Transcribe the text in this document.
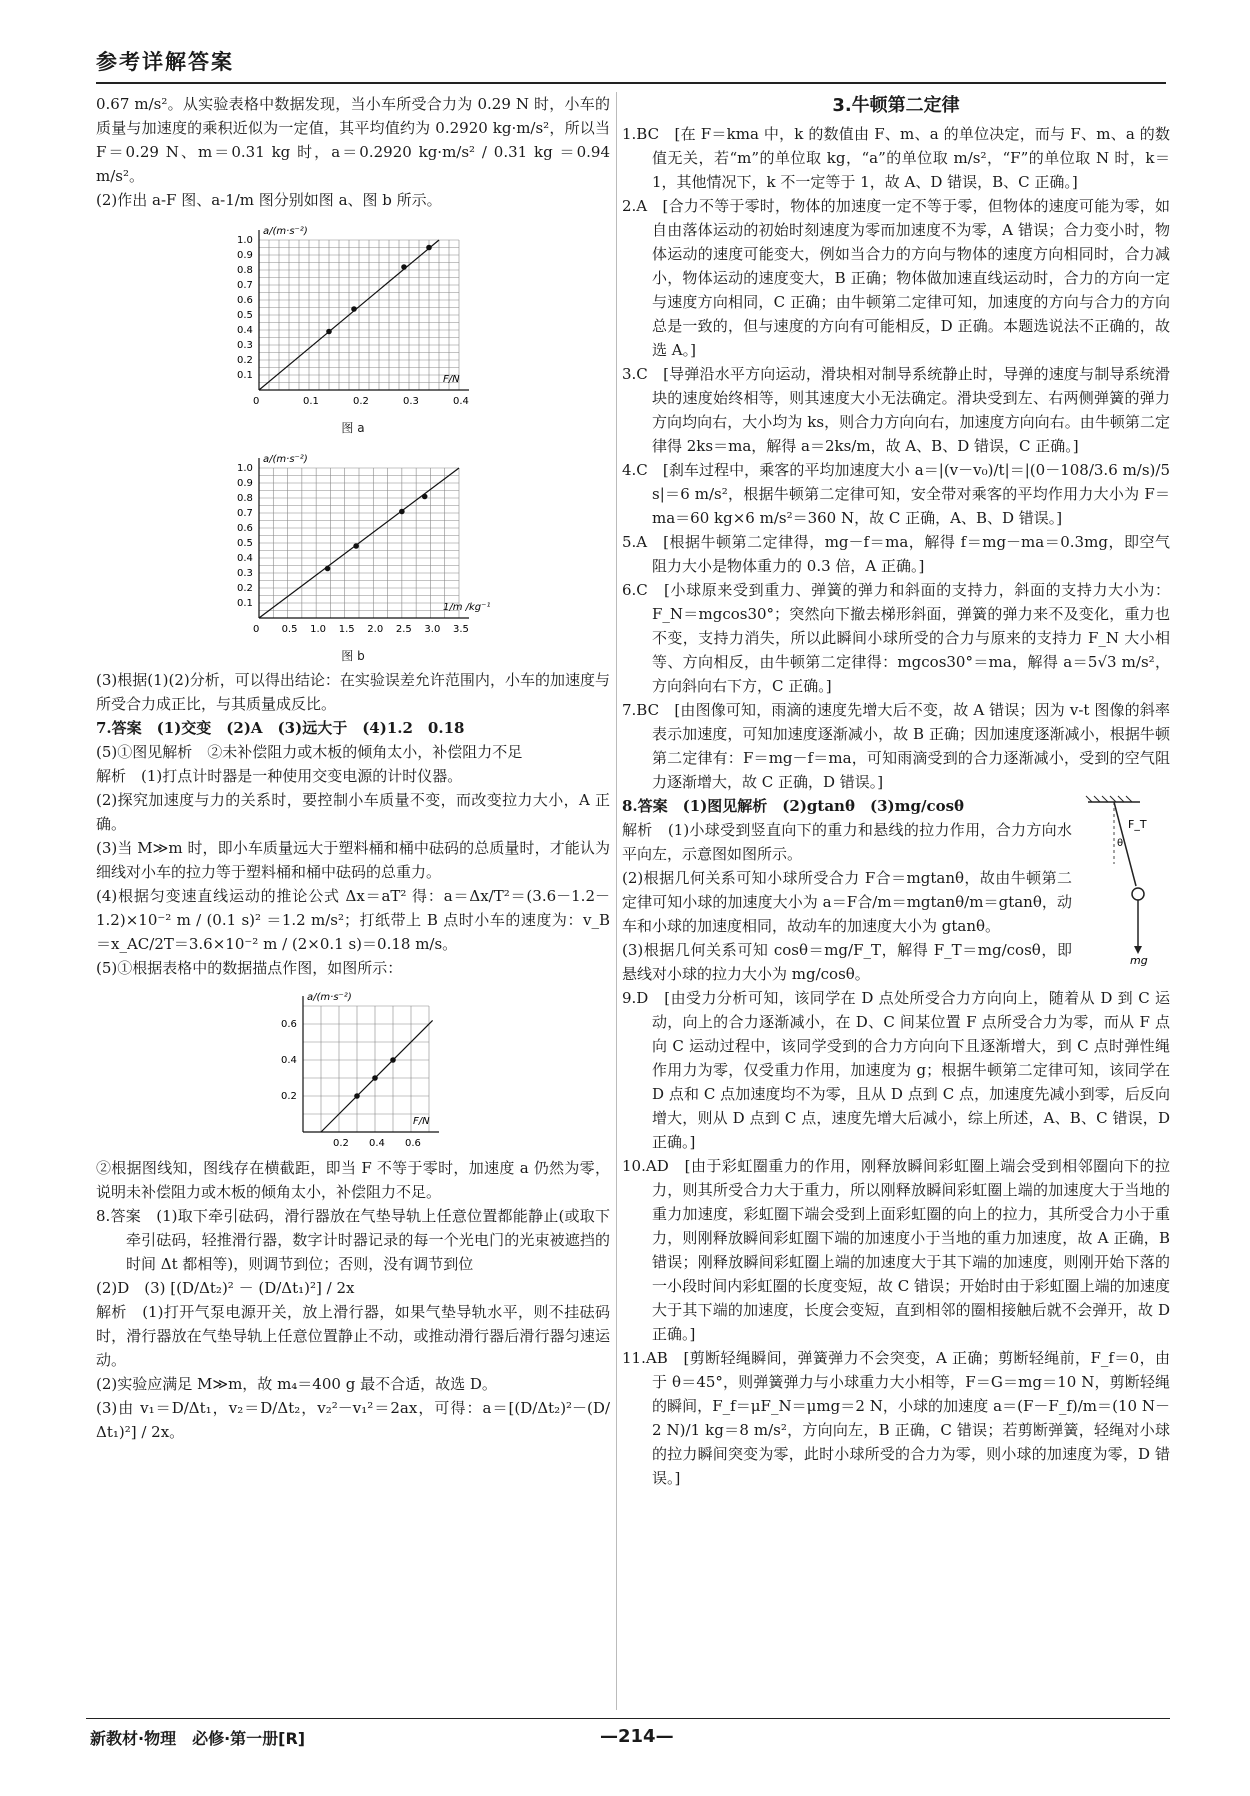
参考详解答案

0.67 m/s²。从实验表格中数据发现，当小车所受合力为 0.29 N 时，小车的质量与加速度的乘积近似为一定值，其平均值约为 0.2920 kg·m/s²，所以当 F＝0.29 N、m＝0.31 kg 时，a＝0.2920 kg·m/s² / 0.31 kg ＝0.94 m/s²。

(2)作出 a-F 图、a-1/m 图分别如图 a、图 b 所示。

0	0.1	0.2	0.3	0.4
0.1
0.2
0.3
0.4
0.5
0.6
0.7
0.8
0.9
1.0
a/(m·s⁻²)
F/N
图 a
0 0.5 1.0 1.5 2.0 2.5 3.0 3.5
0.1
0.2
0.3
0.4
0.5
0.6
0.7
0.8
0.9
1.0
a/(m·s⁻²)
1/m /kg⁻¹
图 b

(3)根据(1)(2)分析，可以得出结论：在实验误差允许范围内，小车的加速度与所受合力成正比，与其质量成反比。

7.答案　(1)交变　(2)A　(3)远大于　(4)1.2　0.18

(5)①图见解析　②未补偿阻力或木板的倾角太小，补偿阻力不足

解析　(1)打点计时器是一种使用交变电源的计时仪器。

(2)探究加速度与力的关系时，要控制小车质量不变，而改变拉力大小，A 正确。

(3)当 M≫m 时，即小车质量远大于塑料桶和桶中砝码的总质量时，才能认为细线对小车的拉力等于塑料桶和桶中砝码的总重力。

(4)根据匀变速直线运动的推论公式 Δx＝aT² 得：a＝Δx/T²＝(3.6－1.2－1.2)×10⁻² m / (0.1 s)² ＝1.2 m/s²；打纸带上 B 点时小车的速度为：v_B＝x_AC/2T＝3.6×10⁻² m / (2×0.1 s)＝0.18 m/s。

(5)①根据表格中的数据描点作图，如图所示：

0.2 0.4 0.6
0.2
0.4
0.6
a/(m·s⁻²)
F/N

②根据图线知，图线存在横截距，即当 F 不等于零时，加速度 a 仍然为零，说明未补偿阻力或木板的倾角太小，补偿阻力不足。

8.答案　(1)取下牵引砝码，滑行器放在气垫导轨上任意位置都能静止(或取下牵引砝码，轻推滑行器，数字计时器记录的每一个光电门的光束被遮挡的时间 Δt 都相等)，则调节到位；否则，没有调节到位

(2)D　(3) [(D/Δt₂)² － (D/Δt₁)²] / 2x

解析　(1)打开气泵电源开关，放上滑行器，如果气垫导轨水平，则不挂砝码时，滑行器放在气垫导轨上任意位置静止不动，或推动滑行器后滑行器匀速运动。

(2)实验应满足 M≫m，故 m₄＝400 g 最不合适，故选 D。

(3)由 v₁＝D/Δt₁，v₂＝D/Δt₂，v₂²－v₁²＝2ax，可得：a＝[(D/Δt₂)²－(D/Δt₁)²] / 2x。

3.牛顿第二定律

1.BC　[在 F＝kma 中，k 的数值由 F、m、a 的单位决定，而与 F、m、a 的数值无关，若“m”的单位取 kg，“a”的单位取 m/s²，“F”的单位取 N 时，k＝1，其他情况下，k 不一定等于 1，故 A、D 错误，B、C 正确。]

2.A　[合力不等于零时，物体的加速度一定不等于零，但物体的速度可能为零，如自由落体运动的初始时刻速度为零而加速度不为零，A 错误；合力变小时，物体运动的速度可能变大，例如当合力的方向与物体的速度方向相同时，合力减小，物体运动的速度变大，B 正确；物体做加速直线运动时，合力的方向一定与速度方向相同，C 正确；由牛顿第二定律可知，加速度的方向与合力的方向总是一致的，但与速度的方向有可能相反，D 正确。本题选说法不正确的，故选 A。]

3.C　[导弹沿水平方向运动，滑块相对制导系统静止时，导弹的速度与制导系统滑块的速度始终相等，则其速度大小无法确定。滑块受到左、右两侧弹簧的弹力方向均向右，大小均为 ks，则合力方向向右，加速度方向向右。由牛顿第二定律得 2ks＝ma，解得 a＝2ks/m，故 A、B、D 错误，C 正确。]

4.C　[刹车过程中，乘客的平均加速度大小 a＝|(v－v₀)/t|＝|(0－108/3.6 m/s)/5 s|＝6 m/s²，根据牛顿第二定律可知，安全带对乘客的平均作用力大小为 F＝ma＝60 kg×6 m/s²＝360 N，故 C 正确，A、B、D 错误。]

5.A　[根据牛顿第二定律得，mg－f＝ma，解得 f＝mg－ma＝0.3mg，即空气阻力大小是物体重力的 0.3 倍，A 正确。]

6.C　[小球原来受到重力、弹簧的弹力和斜面的支持力，斜面的支持力大小为：F_N＝mgcos30°；突然向下撤去梯形斜面，弹簧的弹力来不及变化，重力也不变，支持力消失，所以此瞬间小球所受的合力与原来的支持力 F_N 大小相等、方向相反，由牛顿第二定律得：mgcos30°＝ma，解得 a＝5√3 m/s²，方向斜向右下方，C 正确。]

7.BC　[由图像可知，雨滴的速度先增大后不变，故 A 错误；因为 v-t 图像的斜率表示加速度，可知加速度逐渐减小，故 B 正确；因加速度逐渐减小，根据牛顿第二定律有：F＝mg－f＝ma，可知雨滴受到的合力逐渐减小，受到的空气阻力逐渐增大，故 C 正确，D 错误。]

F_T
θ
mg

8.答案　(1)图见解析　(2)gtanθ　(3)mg/cosθ

解析　(1)小球受到竖直向下的重力和悬线的拉力作用，合力方向水平向左，示意图如图所示。

(2)根据几何关系可知小球所受合力 F合＝mgtanθ，故由牛顿第二定律可知小球的加速度大小为 a＝F合/m＝mgtanθ/m＝gtanθ，动车和小球的加速度相同，故动车的加速度大小为 gtanθ。

(3)根据几何关系可知 cosθ＝mg/F_T，解得 F_T＝mg/cosθ，即悬线对小球的拉力大小为 mg/cosθ。

9.D　[由受力分析可知，该同学在 D 点处所受合力方向向上，随着从 D 到 C 运动，向上的合力逐渐减小，在 D、C 间某位置 F 点所受合力为零，而从 F 点向 C 运动过程中，该同学受到的合力方向向下且逐渐增大，到 C 点时弹性绳作用力为零，仅受重力作用，加速度为 g；根据牛顿第二定律可知，该同学在 D 点和 C 点加速度均不为零，且从 D 点到 C 点，加速度先减小到零，后反向增大，则从 D 点到 C 点，速度先增大后减小，综上所述，A、B、C 错误，D 正确。]

10.AD　[由于彩虹圈重力的作用，刚释放瞬间彩虹圈上端会受到相邻圈向下的拉力，则其所受合力大于重力，所以刚释放瞬间彩虹圈上端的加速度大于当地的重力加速度，彩虹圈下端会受到上面彩虹圈的向上的拉力，其所受合力小于重力，则刚释放瞬间彩虹圈下端的加速度小于当地的重力加速度，故 A 正确，B 错误；刚释放瞬间彩虹圈上端的加速度大于其下端的加速度，则刚开始下落的一小段时间内彩虹圈的长度变短，故 C 错误；开始时由于彩虹圈上端的加速度大于其下端的加速度，长度会变短，直到相邻的圈相接触后就不会弹开，故 D 正确。]

11.AB　[剪断轻绳瞬间，弹簧弹力不会突变，A 正确；剪断轻绳前，F_f＝0，由于 θ＝45°，则弹簧弹力与小球重力大小相等，F＝G＝mg＝10 N，剪断轻绳的瞬间，F_f＝μF_N＝μmg＝2 N，小球的加速度 a＝(F－F_f)/m＝(10 N－2 N)/1 kg＝8 m/s²，方向向左，B 正确，C 错误；若剪断弹簧，轻绳对小球的拉力瞬间突变为零，此时小球所受的合力为零，则小球的加速度为零，D 错误。]

新教材·物理　必修·第一册[R]	—214—
